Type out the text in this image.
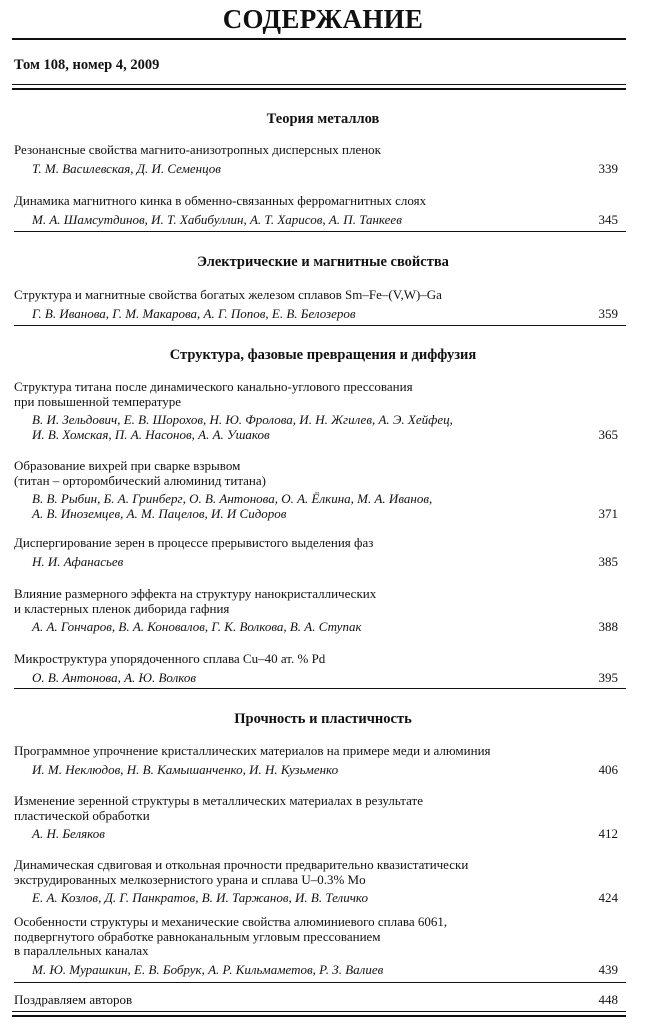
СОДЕРЖАНИЕ
Том 108, номер 4, 2009
Теория металлов
Резонансные свойства магнито-анизотропных дисперсных пленок
Т. М. Василевская, Д. И. Семенцов	339
Динамика магнитного кинка в обменно-связанных ферромагнитных слоях
М. А. Шамсутдинов, И. Т. Хабибуллин, А. Т. Харисов, А. П. Танкеев	345
Электрические и магнитные свойства
Структура и магнитные свойства богатых железом сплавов Sm–Fe–(V,W)–Ga
Г. В. Иванова, Г. М. Макарова, А. Г. Попов, Е. В. Белозеров	359
Структура, фазовые превращения и диффузия
Структура титана после динамического канально-углового прессования
при повышенной температуре
В. И. Зельдович, Е. В. Шорохов, Н. Ю. Фролова, И. Н. Жгилев, А. Э. Хейфец,
И. В. Хомская, П. А. Насонов, А. А. Ушаков	365
Образование вихрей при сварке взрывом
(титан – орторомбический алюминид титана)
В. В. Рыбин, Б. А. Гринберг, О. В. Антонова, О. А. Ёлкина, М. А. Иванов,
А. В. Иноземцев, А. М. Пацелов, И. И Сидоров	371
Диспергирование зерен в процессе прерывистого выделения фаз
Н. И. Афанасьев	385
Влияние размерного эффекта на структуру нанокристаллических
и кластерных пленок диборида гафния
А. А. Гончаров, В. А. Коновалов, Г. К. Волкова, В. А. Ступак	388
Микроструктура упорядоченного сплава Cu–40 ат. % Pd
О. В. Антонова, А. Ю. Волков	395
Прочность и пластичность
Программное упрочнение кристаллических материалов на примере меди и алюминия
И. М. Неклюдов, Н. В. Камышанченко, И. Н. Кузьменко	406
Изменение зеренной структуры в металлических материалах в результате
пластической обработки
А. Н. Беляков	412
Динамическая сдвиговая и откольная прочности предварительно квазистатически
экструдированных мелкозернистого урана и сплава U–0.3% Mo
Е. А. Козлов, Д. Г. Панкратов, В. И. Таржанов, И. В. Теличко	424
Особенности структуры и механические свойства алюминиевого сплава 6061,
подвергнутого обработке равноканальным угловым прессованием
в параллельных каналах
М. Ю. Мурашкин, Е. В. Бобрук, А. Р. Кильмаметов, Р. З. Валиев	439
Поздравляем авторов	448
